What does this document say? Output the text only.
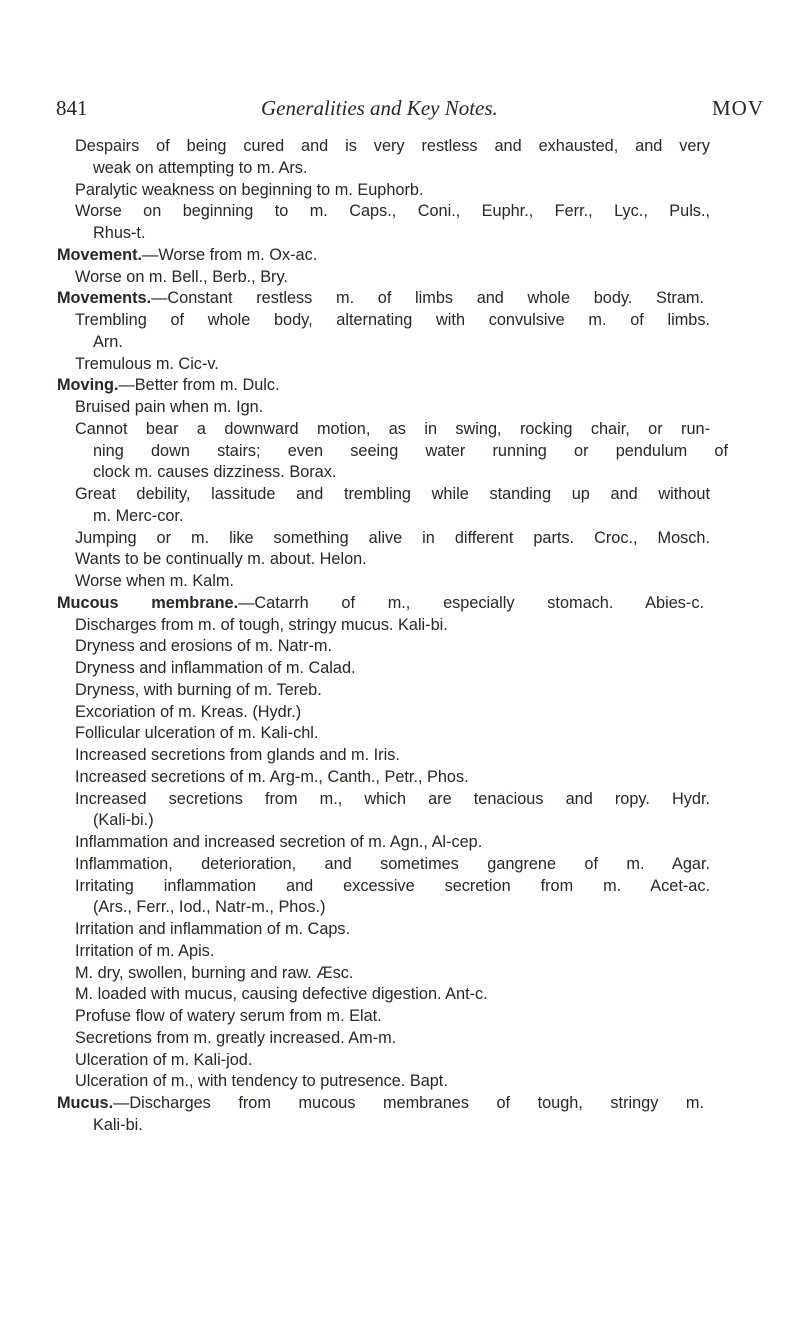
841	Generalities and Key Notes.	MOV
Despairs of being cured and is very restless and exhausted, and very
weak on attempting to m. Ars.
Paralytic weakness on beginning to m. Euphorb.
Worse on beginning to m. Caps., Coni., Euphr., Ferr., Lyc., Puls.,
Rhus-t.
Movement.—Worse from m. Ox-ac.
Worse on m. Bell., Berb., Bry.
Movements.—Constant restless m. of limbs and whole body. Stram.
Trembling of whole body, alternating with convulsive m. of limbs.
Arn.
Tremulous m. Cic-v.
Moving.—Better from m. Dulc.
Bruised pain when m. Ign.
Cannot bear a downward motion, as in swing, rocking chair, or run-
ning down stairs; even seeing water running or pendulum of
clock m. causes dizziness. Borax.
Great debility, lassitude and trembling while standing up and without
m. Merc-cor.
Jumping or m. like something alive in different parts. Croc., Mosch.
Wants to be continually m. about. Helon.
Worse when m. Kalm.
Mucous membrane.—Catarrh of m., especially stomach. Abies-c.
Discharges from m. of tough, stringy mucus. Kali-bi.
Dryness and erosions of m. Natr-m.
Dryness and inflammation of m. Calad.
Dryness, with burning of m. Tereb.
Excoriation of m. Kreas. (Hydr.)
Follicular ulceration of m. Kali-chl.
Increased secretions from glands and m. Iris.
Increased secretions of m. Arg-m., Canth., Petr., Phos.
Increased secretions from m., which are tenacious and ropy. Hydr.
(Kali-bi.)
Inflammation and increased secretion of m. Agn., Al-cep.
Inflammation, deterioration, and sometimes gangrene of m. Agar.
Irritating inflammation and excessive secretion from m. Acet-ac.
(Ars., Ferr., Iod., Natr-m., Phos.)
Irritation and inflammation of m. Caps.
Irritation of m. Apis.
M. dry, swollen, burning and raw. Æsc.
M. loaded with mucus, causing defective digestion. Ant-c.
Profuse flow of watery serum from m. Elat.
Secretions from m. greatly increased. Am-m.
Ulceration of m. Kali-jod.
Ulceration of m., with tendency to putresence. Bapt.
Mucus.—Discharges from mucous membranes of tough, stringy m.
Kali-bi.
